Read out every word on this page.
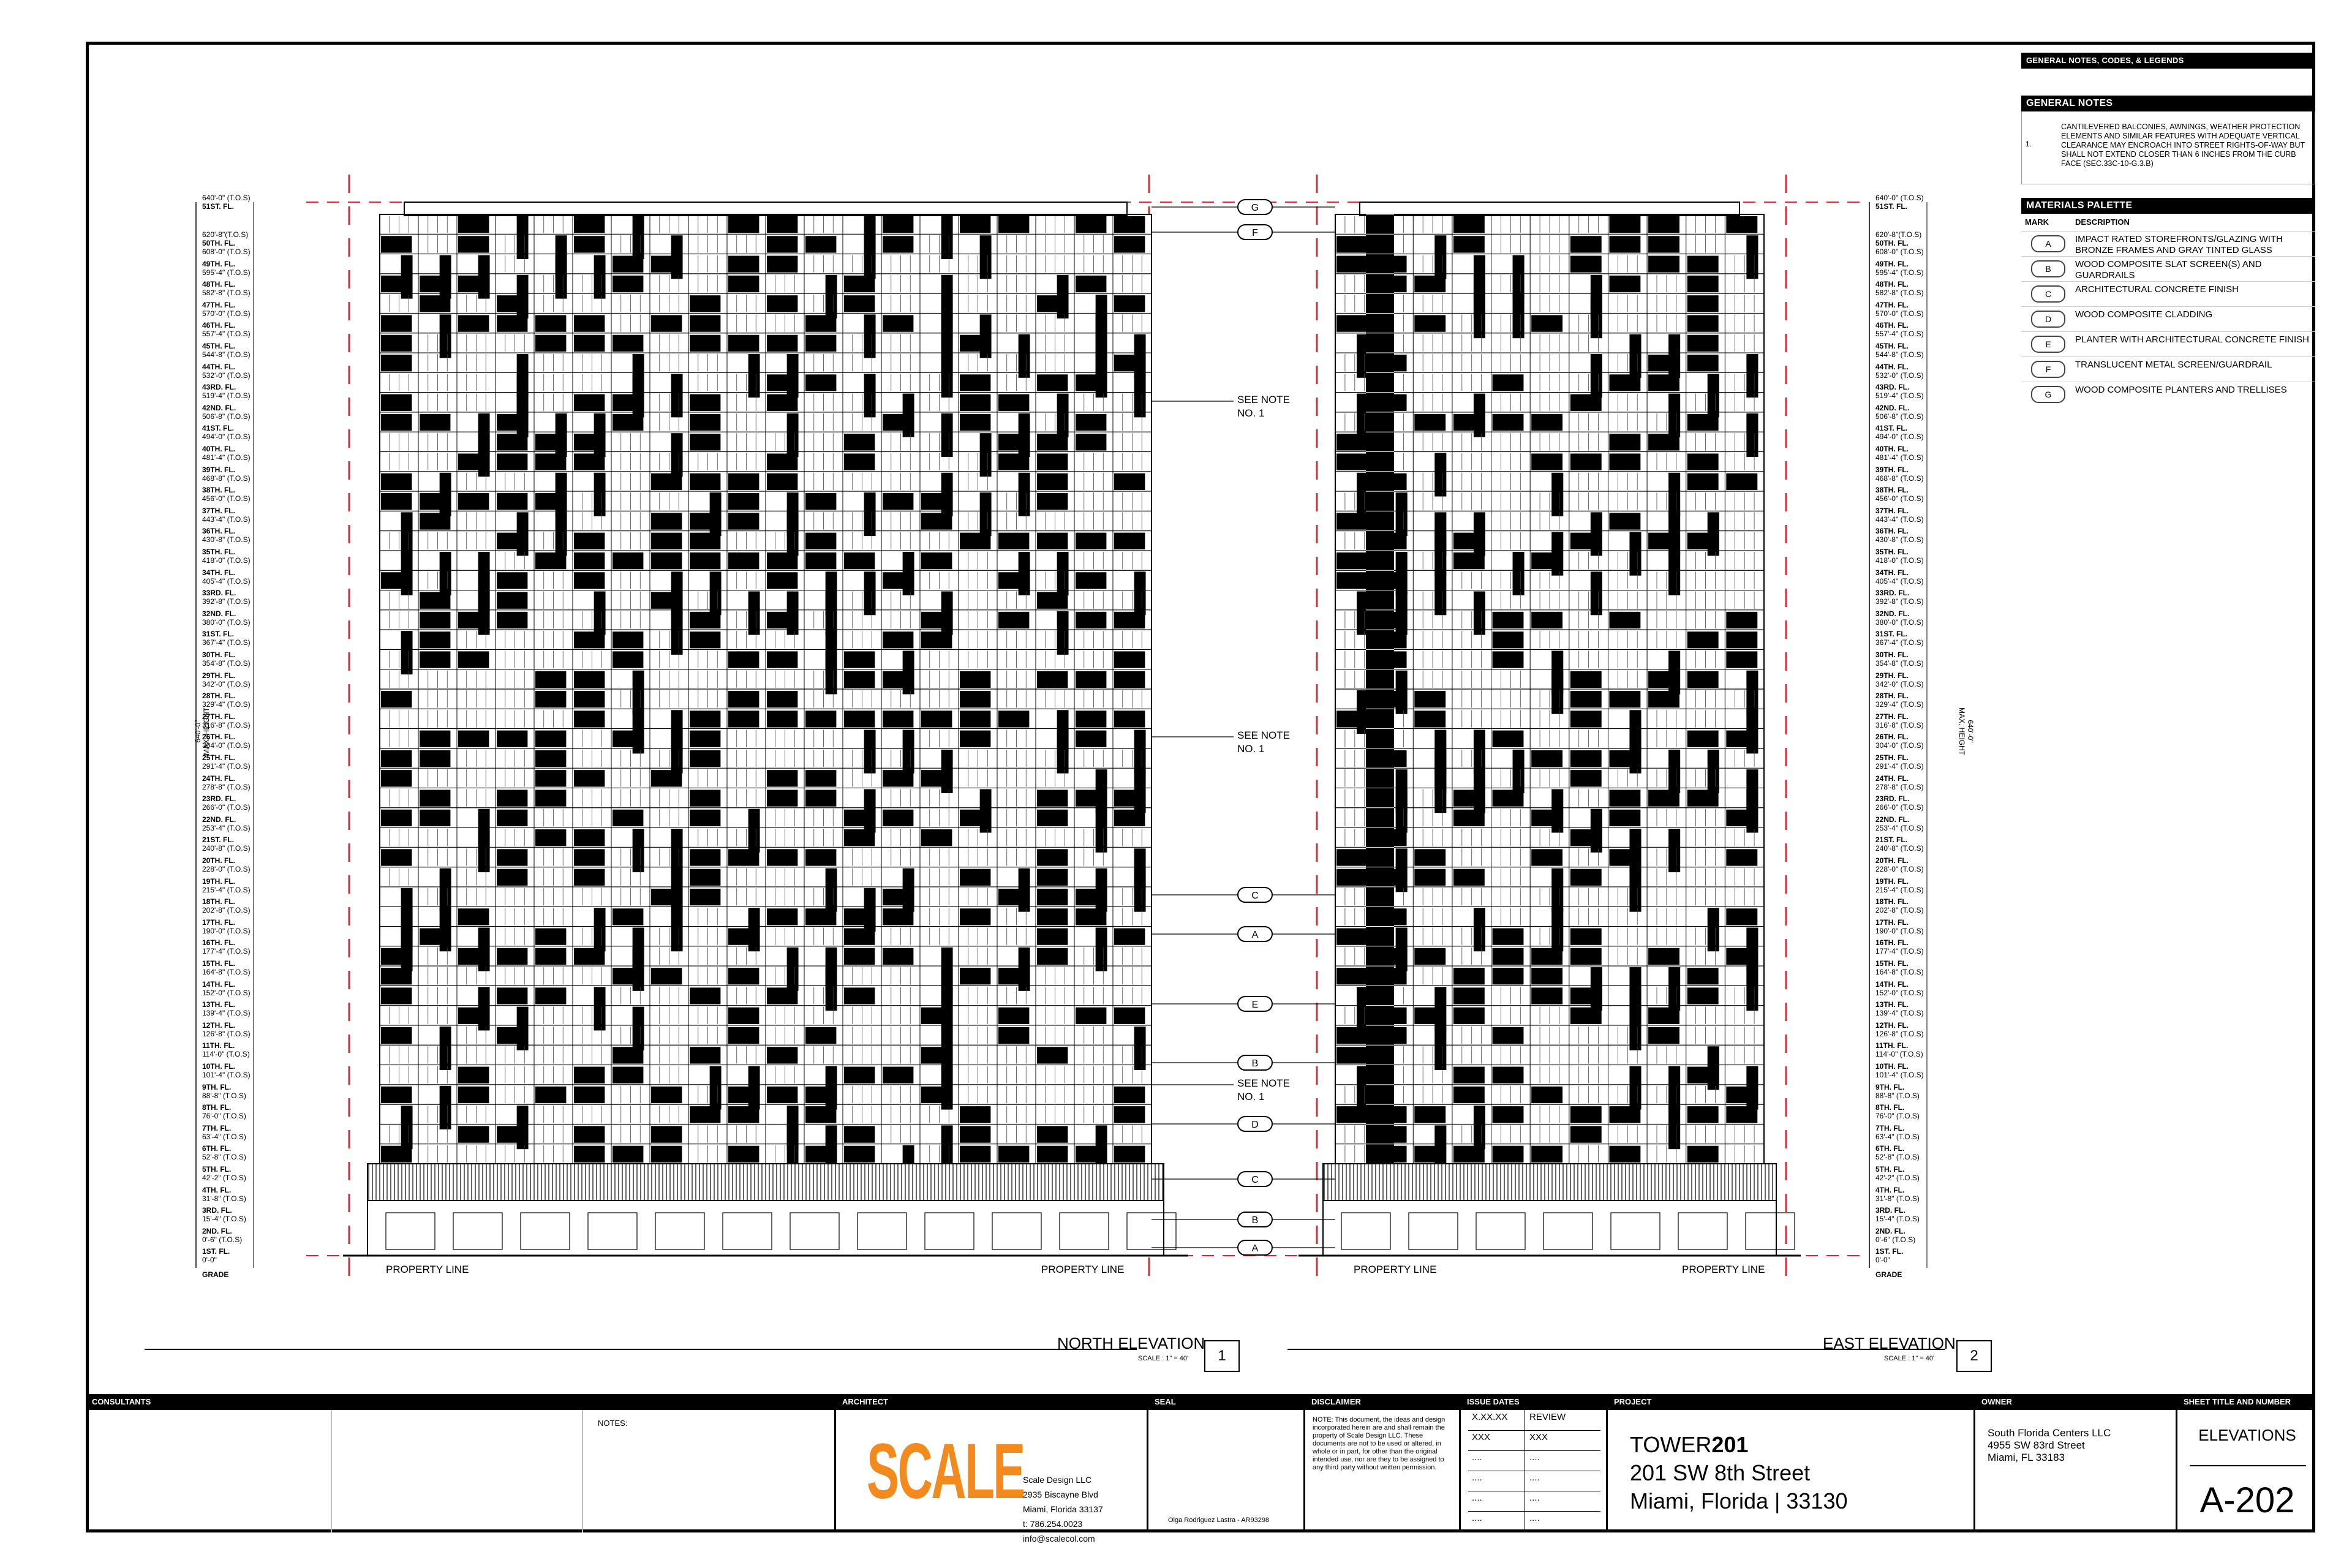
GENERAL NOTES, CODES, & LEGENDS
GENERAL NOTES
1.
CANTILEVERED BALCONIES, AWNINGS, WEATHER PROTECTION ELEMENTS AND SIMILAR FEATURES WITH ADEQUATE VERTICAL CLEARANCE MAY ENCROACH INTO STREET RIGHTS-OF-WAY BUT SHALL NOT EXTEND CLOSER THAN 6 INCHES FROM THE CURB FACE (SEC.33C-10-G.3.B)
MATERIALS PALETTE
MARK	DESCRIPTION
A	IMPACT RATED STOREFRONTS/GLAZING WITH BRONZE FRAMES AND GRAY TINTED GLASS
B	WOOD COMPOSITE SLAT SCREEN(S) AND GUARDRAILS
C	ARCHITECTURAL CONCRETE FINISH
D	WOOD COMPOSITE CLADDING
E	PLANTER WITH ARCHITECTURAL CONCRETE FINISH
F	TRANSLUCENT METAL SCREEN/GUARDRAIL
G	WOOD COMPOSITE PLANTERS AND TRELLISES
640'-0" (T.O.S)
51ST. FL.
620'-8"(T.O.S)
50TH. FL.
608'-0" (T.O.S)
49TH. FL.
595'-4" (T.O.S)
48TH. FL.
582'-8" (T.O.S)
47TH. FL.
570'-0" (T.O.S)
46TH. FL.
557'-4" (T.O.S)
45TH. FL.
544'-8" (T.O.S)
44TH. FL.
532'-0" (T.O.S)
43RD. FL.
519'-4" (T.O.S)
42ND. FL.
506'-8" (T.O.S)
41ST. FL.
494'-0" (T.O.S)
40TH. FL.
481'-4" (T.O.S)
39TH. FL.
468'-8" (T.O.S)
38TH. FL.
456'-0" (T.O.S)
37TH. FL.
443'-4" (T.O.S)
36TH. FL.
430'-8" (T.O.S)
35TH. FL.
418'-0" (T.O.S)
34TH. FL.
405'-4" (T.O.S)
33RD. FL.
392'-8" (T.O.S)
32ND. FL.
380'-0" (T.O.S)
31ST. FL.
367'-4" (T.O.S)
30TH. FL.
354'-8" (T.O.S)
29TH. FL.
342'-0" (T.O.S)
28TH. FL.
329'-4" (T.O.S)
27TH. FL.
316'-8" (T.O.S)
26TH. FL.
304'-0" (T.O.S)
25TH. FL.
291'-4" (T.O.S)
24TH. FL.
278'-8" (T.O.S)
23RD. FL.
266'-0" (T.O.S)
22ND. FL.
253'-4" (T.O.S)
21ST. FL.
240'-8" (T.O.S)
20TH. FL.
228'-0" (T.O.S)
19TH. FL.
215'-4" (T.O.S)
18TH. FL.
202'-8" (T.O.S)
17TH. FL.
190'-0" (T.O.S)
16TH. FL.
177'-4" (T.O.S)
15TH. FL.
164'-8" (T.O.S)
14TH. FL.
152'-0" (T.O.S)
13TH. FL.
139'-4" (T.O.S)
12TH. FL.
126'-8" (T.O.S)
11TH. FL.
114'-0" (T.O.S)
10TH. FL.
101'-4" (T.O.S)
9TH. FL.
88'-8" (T.O.S)
8TH. FL.
76'-0" (T.O.S)
7TH. FL.
63'-4" (T.O.S)
6TH. FL.
52'-8" (T.O.S)
5TH. FL.
42'-2" (T.O.S)
4TH. FL.
31'-8" (T.O.S)
3RD. FL.
15'-4" (T.O.S)
2ND. FL.
0'-6" (T.O.S)
1ST. FL.
0'-0"
GRADE
640'-0" (T.O.S)
51ST. FL.
620'-8"(T.O.S)
50TH. FL.
608'-0" (T.O.S)
49TH. FL.
595'-4" (T.O.S)
48TH. FL.
582'-8" (T.O.S)
47TH. FL.
570'-0" (T.O.S)
46TH. FL.
557'-4" (T.O.S)
45TH. FL.
544'-8" (T.O.S)
44TH. FL.
532'-0" (T.O.S)
43RD. FL.
519'-4" (T.O.S)
42ND. FL.
506'-8" (T.O.S)
41ST. FL.
494'-0" (T.O.S)
40TH. FL.
481'-4" (T.O.S)
39TH. FL.
468'-8" (T.O.S)
38TH. FL.
456'-0" (T.O.S)
37TH. FL.
443'-4" (T.O.S)
36TH. FL.
430'-8" (T.O.S)
35TH. FL.
418'-0" (T.O.S)
34TH. FL.
405'-4" (T.O.S)
33RD. FL.
392'-8" (T.O.S)
32ND. FL.
380'-0" (T.O.S)
31ST. FL.
367'-4" (T.O.S)
30TH. FL.
354'-8" (T.O.S)
29TH. FL.
342'-0" (T.O.S)
28TH. FL.
329'-4" (T.O.S)
27TH. FL.
316'-8" (T.O.S)
26TH. FL.
304'-0" (T.O.S)
25TH. FL.
291'-4" (T.O.S)
24TH. FL.
278'-8" (T.O.S)
23RD. FL.
266'-0" (T.O.S)
22ND. FL.
253'-4" (T.O.S)
21ST. FL.
240'-8" (T.O.S)
20TH. FL.
228'-0" (T.O.S)
19TH. FL.
215'-4" (T.O.S)
18TH. FL.
202'-8" (T.O.S)
17TH. FL.
190'-0" (T.O.S)
16TH. FL.
177'-4" (T.O.S)
15TH. FL.
164'-8" (T.O.S)
14TH. FL.
152'-0" (T.O.S)
13TH. FL.
139'-4" (T.O.S)
12TH. FL.
126'-8" (T.O.S)
11TH. FL.
114'-0" (T.O.S)
10TH. FL.
101'-4" (T.O.S)
9TH. FL.
88'-8" (T.O.S)
8TH. FL.
76'-0" (T.O.S)
7TH. FL.
63'-4" (T.O.S)
6TH. FL.
52'-8" (T.O.S)
5TH. FL.
42'-2" (T.O.S)
4TH. FL.
31'-8" (T.O.S)
3RD. FL.
15'-4" (T.O.S)
2ND. FL.
0'-6" (T.O.S)
1ST. FL.
0'-0"
GRADE
640'-0" MAX. HEIGHT	640'-0"
MAX. HEIGHT
G
F
C
A
E
B
D
C
B
A
SEE NOTE
NO. 1
SEE NOTE
NO. 1
SEE NOTE
NO. 1
PROPERTY LINE	PROPERTY LINE	PROPERTY LINE	PROPERTY LINE
NORTH ELEVATION
SCALE : 1" = 40'	1
EAST ELEVATION
SCALE : 1" = 40'	2
CONSULTANTS
NOTES:
ARCHITECT
SCALE
Scale Design LLC
2935 Biscayne Blvd
Miami, Florida 33137
t: 786.254.0023
info@scalecol.com
SEAL
Olga Rodriguez Lastra - AR93298
DISCLAIMER
NOTE: This document, the ideas and design incorporated herein are and shall remain the property of Scale Design LLC. These documents are not to be used or altered, in whole or in part, for other than the original intended use, nor are they to be assigned to any third party without written permission.
ISSUE DATES
X.XX.XX REVIEW
XXX	XXX
....	....
....	....
....	....
....	....
PROJECT
TOWER201
201 SW 8th Street
Miami, Florida | 33130
OWNER
South Florida Centers LLC
4955 SW 83rd Street
Miami, FL 33183
SHEET TITLE AND NUMBER
ELEVATIONS
A-202
